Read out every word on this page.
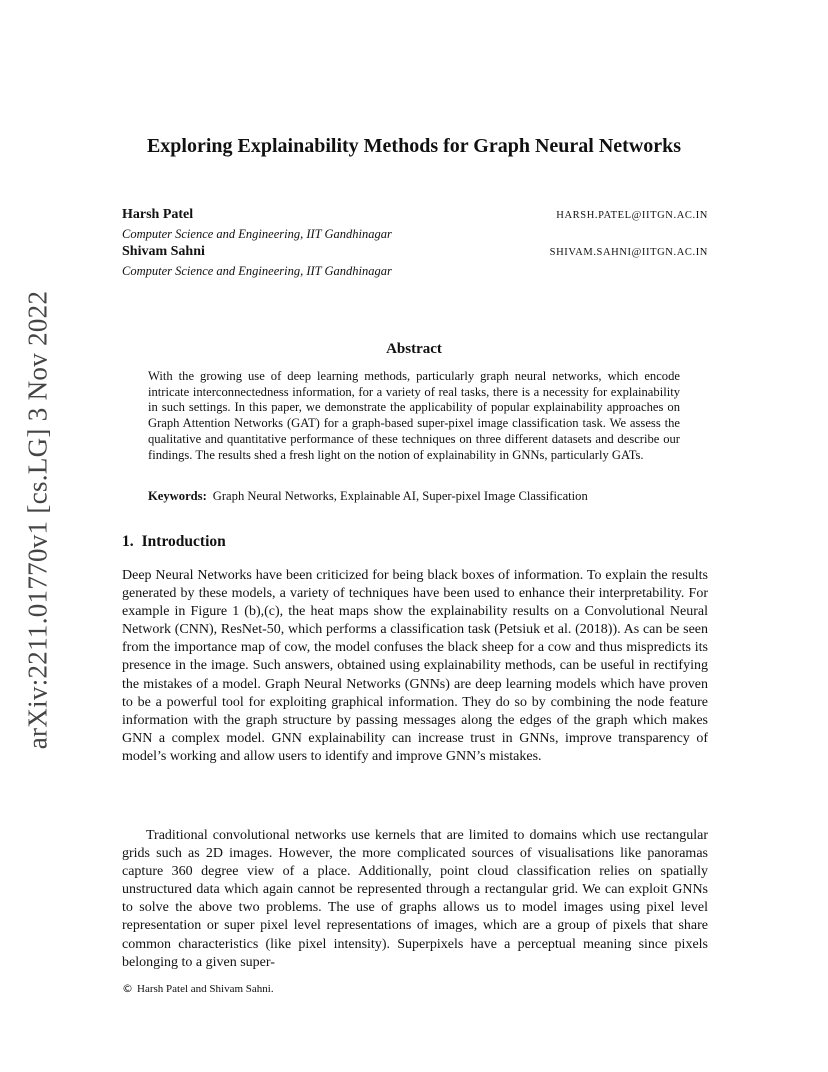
arXiv:2211.01770v1 [cs.LG] 3 Nov 2022
Exploring Explainability Methods for Graph Neural Networks
Harsh Patel	HARSH.PATEL@IITGN.AC.IN
Computer Science and Engineering, IIT Gandhinagar
Shivam Sahni	SHIVAM.SAHNI@IITGN.AC.IN
Computer Science and Engineering, IIT Gandhinagar
Abstract

With the growing use of deep learning methods, particularly graph neural networks, which encode intricate interconnectedness information, for a variety of real tasks, there is a necessity for explainability in such settings. In this paper, we demonstrate the applicability of popular explainability approaches on Graph Attention Networks (GAT) for a graph-based super-pixel image classification task. We assess the qualitative and quantitative performance of these techniques on three different datasets and describe our findings. The results shed a fresh light on the notion of explainability in GNNs, particularly GATs.

Keywords: Graph Neural Networks, Explainable AI, Super-pixel Image Classification
1. Introduction

Deep Neural Networks have been criticized for being black boxes of information. To explain the results generated by these models, a variety of techniques have been used to enhance their interpretability. For example in Figure 1 (b),(c), the heat maps show the explainability results on a Convolutional Neural Network (CNN), ResNet-50, which performs a classification task (Petsiuk et al. (2018)). As can be seen from the importance map of cow, the model confuses the black sheep for a cow and thus mispredicts its presence in the image. Such answers, obtained using explainability methods, can be useful in rectifying the mistakes of a model. Graph Neural Networks (GNNs) are deep learning models which have proven to be a powerful tool for exploiting graphical information. They do so by combining the node feature information with the graph structure by passing messages along the edges of the graph which makes GNN a complex model. GNN explainability can increase trust in GNNs, improve transparency of model’s working and allow users to identify and improve GNN’s mistakes.

Traditional convolutional networks use kernels that are limited to domains which use rectangular grids such as 2D images. However, the more complicated sources of visualisations like panoramas capture 360 degree view of a place. Additionally, point cloud classification relies on spatially unstructured data which again cannot be represented through a rectangular grid. We can exploit GNNs to solve the above two problems. The use of graphs allows us to model images using pixel level representation or super pixel level representations of images, which are a group of pixels that share common characteristics (like pixel intensity). Superpixels have a perceptual meaning since pixels belonging to a given super-

© Harsh Patel and Shivam Sahni.
